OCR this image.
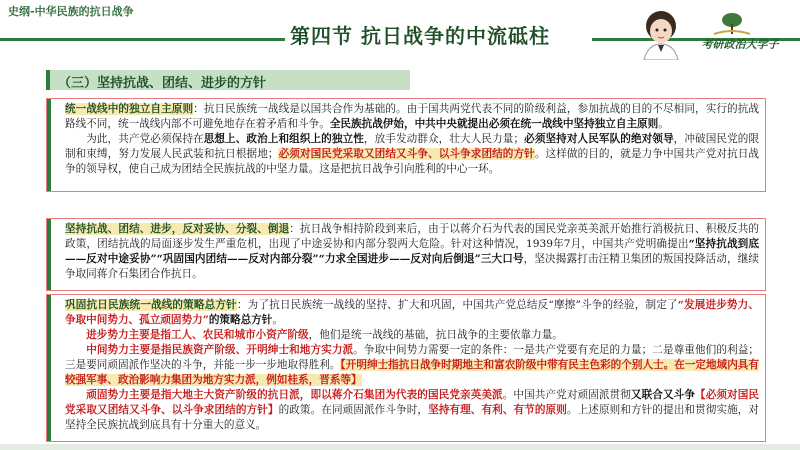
史纲-中华民族的抗日战争
第四节 抗日战争的中流砥柱	考研政治大学子
（三）坚持抗战、团结、进步的方针

统一战线中的独立自主原则：抗日民族统一战线是以国共合作为基础的。由于国共两党代表不同的阶级利益，参加抗战的目的不尽相同，实行的抗战路线不同，统一战线内部不可避免地存在着矛盾和斗争。全民族抗战伊始，中共中央就提出必须在统一战线中坚持独立自主原则。

为此，共产党必须保持在思想上、政治上和组织上的独立性，放手发动群众，壮大人民力量；必须坚持对人民军队的绝对领导，冲破国民党的限制和束缚，努力发展人民武装和抗日根据地；必须对国民党采取又团结又斗争、以斗争求团结的方针。这样做的目的，就是力争中国共产党对抗日战争的领导权，使自己成为团结全民族抗战的中坚力量。这是把抗日战争引向胜利的中心一环。

坚持抗战、团结、进步，反对妥协、分裂、倒退：抗日战争相持阶段到来后，由于以蒋介石为代表的国民党亲英美派开始推行消极抗日、积极反共的政策，团结抗战的局面逐步发生严重危机，出现了中途妥协和内部分裂两大危险。针对这种情况，1939年7月，中国共产党明确提出“坚持抗战到底——反对中途妥协”“巩固国内团结——反对内部分裂”“力求全国进步——反对向后倒退”三大口号，坚决揭露打击汪精卫集团的叛国投降活动，继续争取同蒋介石集团合作抗日。

巩固抗日民族统一战线的策略总方针：为了抗日民族统一战线的坚持、扩大和巩固，中国共产党总结反“摩擦”斗争的经验，制定了“发展进步势力、争取中间势力、孤立顽固势力”的策略总方针。

进步势力主要是指工人、农民和城市小资产阶级，他们是统一战线的基础，抗日战争的主要依靠力量。

中间势力主要是指民族资产阶级、开明绅士和地方实力派。争取中间势力需要一定的条件：一是共产党要有充足的力量；二是尊重他们的利益；三是要同顽固派作坚决的斗争，并能一步一步地取得胜利。【开明绅士指抗日战争时期地主和富农阶级中带有民主色彩的个别人士。在一定地域内具有较强军事、政治影响力集团为地方实力派，例如桂系，晋系等】

顽固势力主要是指大地主大资产阶级的抗日派，即以蒋介石集团为代表的国民党亲英美派。中国共产党对顽固派贯彻又联合又斗争【必须对国民党采取又团结又斗争、以斗争求团结的方针】的政策。在同顽固派作斗争时，坚持有理、有利、有节的原则。上述原则和方针的提出和贯彻实施，对坚持全民族抗战到底具有十分重大的意义。
